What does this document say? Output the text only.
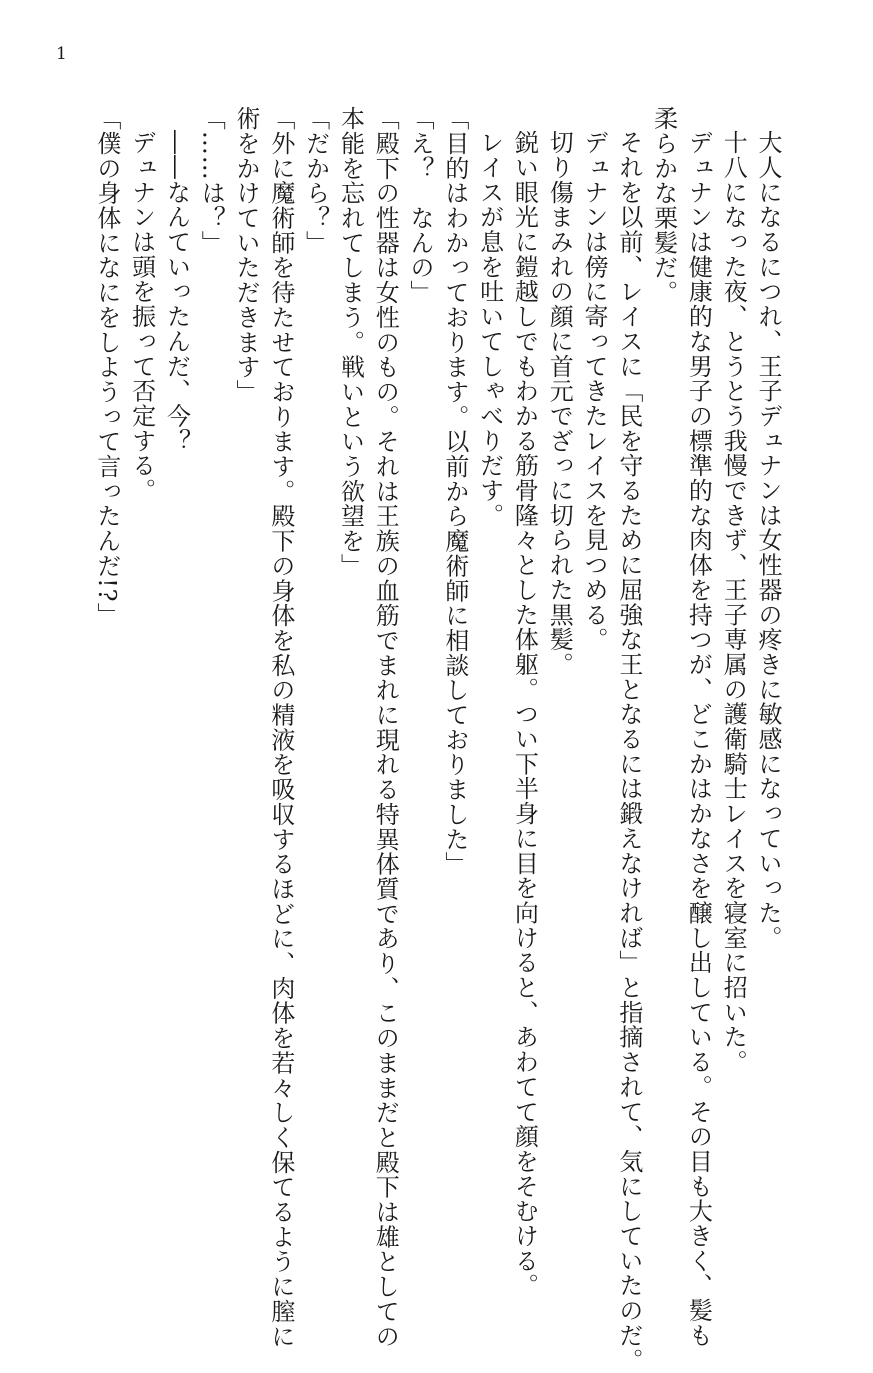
1
大人になるにつれ、王子デュナンは女性器の疼きに敏感になっていった。
十八になった夜、とうとう我慢できず、王子専属の護衛騎士レイスを寝室に招いた。
デュナンは健康的な男子の標準的な肉体を持つが、どこかはかなさを醸し出している。その目も大きく、髪も
柔らかな栗髪だ。
それを以前、レイスに「民を守るために屈強な王となるには鍛えなければ」と指摘されて、気にしていたのだ。
デュナンは傍に寄ってきたレイスを見つめる。
切り傷まみれの顔に首元でざっに切られた黒髪。
鋭い眼光に鎧越しでもわかる筋骨隆々とした体躯。つい下半身に目を向けると、あわてて顔をそむける。
レイスが息を吐いてしゃべりだす。
「目的はわかっております。以前から魔術師に相談しておりました」
「え？　なんの」
「殿下の性器は女性のもの。それは王族の血筋でまれに現れる特異体質であり、このままだと殿下は雄としての
本能を忘れてしまう。戦いという欲望を」
「だから？」
「外に魔術師を待たせております。殿下の身体を私の精液を吸収するほどに、肉体を若々しく保てるように膣に
術をかけていただきます」
「……は？」
――なんていったんだ、今？
デュナンは頭を振って否定する。
「僕の身体になにをしようって言ったんだ!?」
